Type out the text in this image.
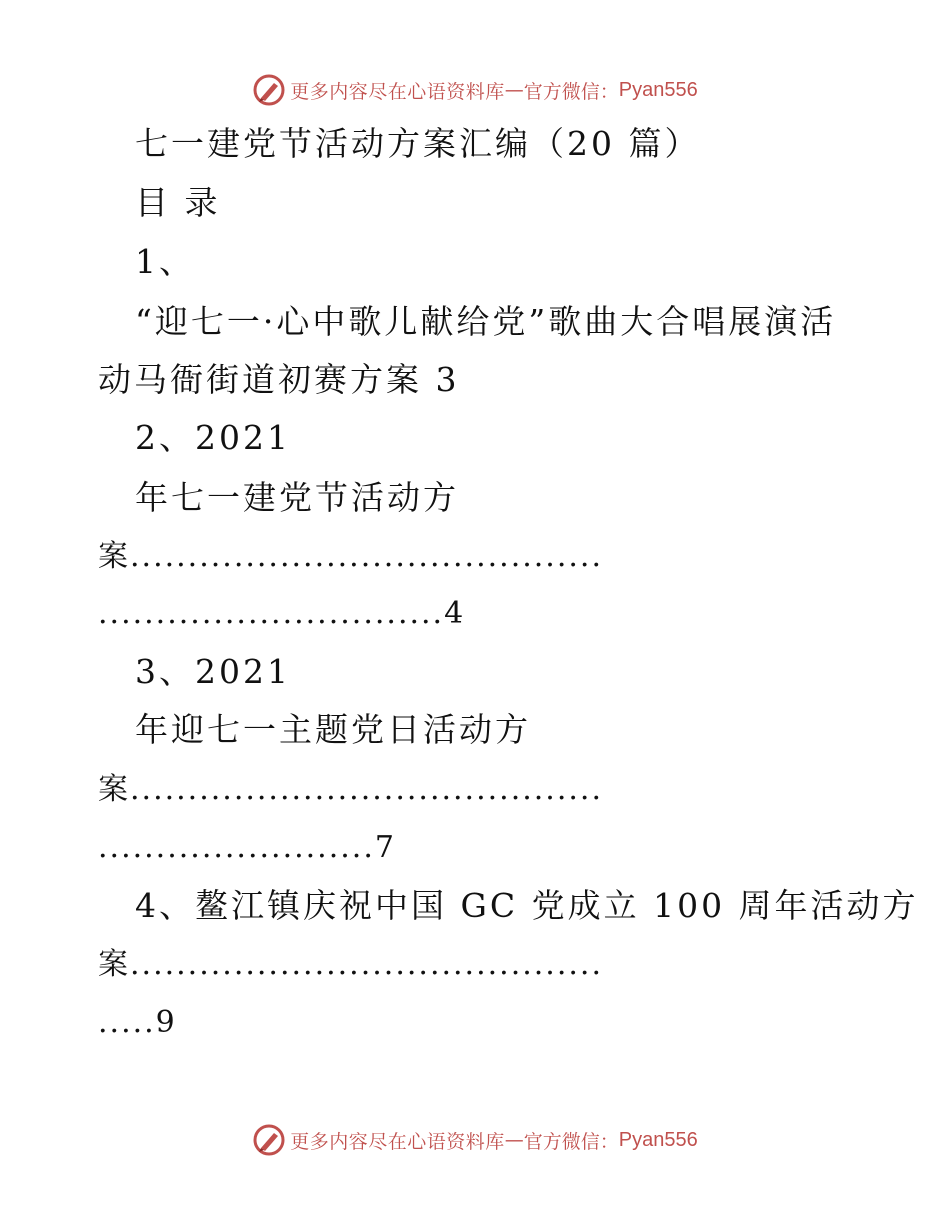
更多内容尽在心语资料库 — 官方微信： Pyan556
七一建党节活动方案汇编（20 篇）
目 录
1、
“迎七一·心中歌儿献给党”歌曲大合唱展演活
动马衙街道初赛方案 3
2、2021
年七一建党节活动方
案.........................................
..............................4
3、2021
年迎七一主题党日活动方
案.........................................
........................7
4、鳌江镇庆祝中国 GC 党成立 100 周年活动方
案.........................................
.....9
更多内容尽在心语资料库 — 官方微信： Pyan556
